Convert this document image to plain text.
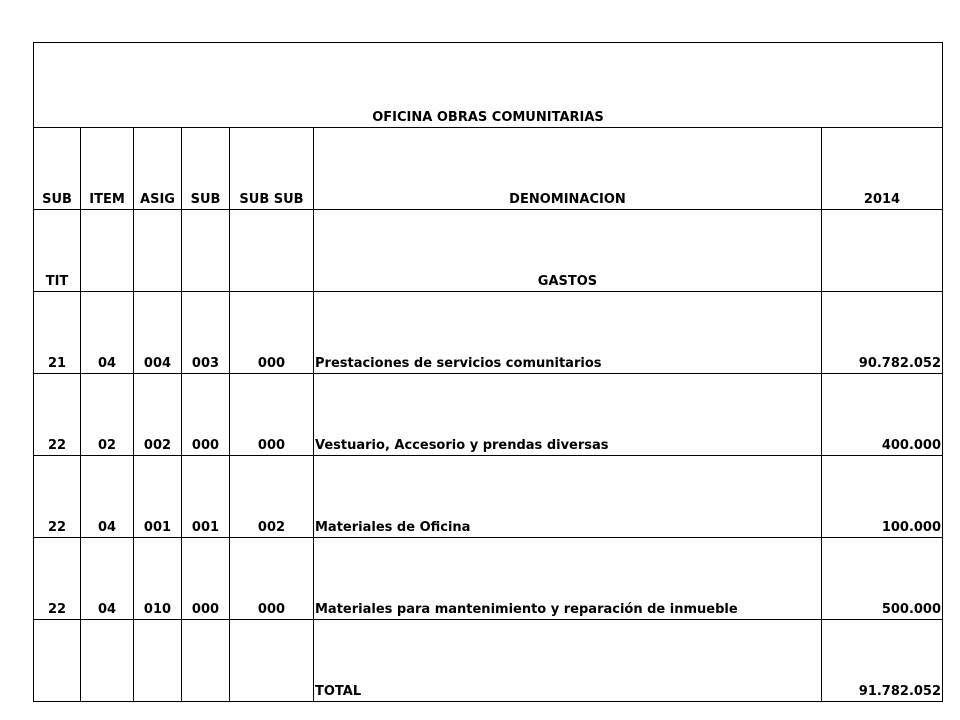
OFICINA OBRAS COMUNITARIAS						
SUB	ITEM	ASIG	SUB	SUB SUB	DENOMINACION	2014
TIT					GASTOS	
21	04	004	003	000	Prestaciones de servicios comunitarios	90.782.052
22	02	002	000	000	Vestuario, Accesorio y prendas diversas	400.000
22	04	001	001	002	Materiales de Oficina	100.000
22	04	010	000	000	Materiales para mantenimiento y reparación de inmueble	500.000
					TOTAL	91.782.052
